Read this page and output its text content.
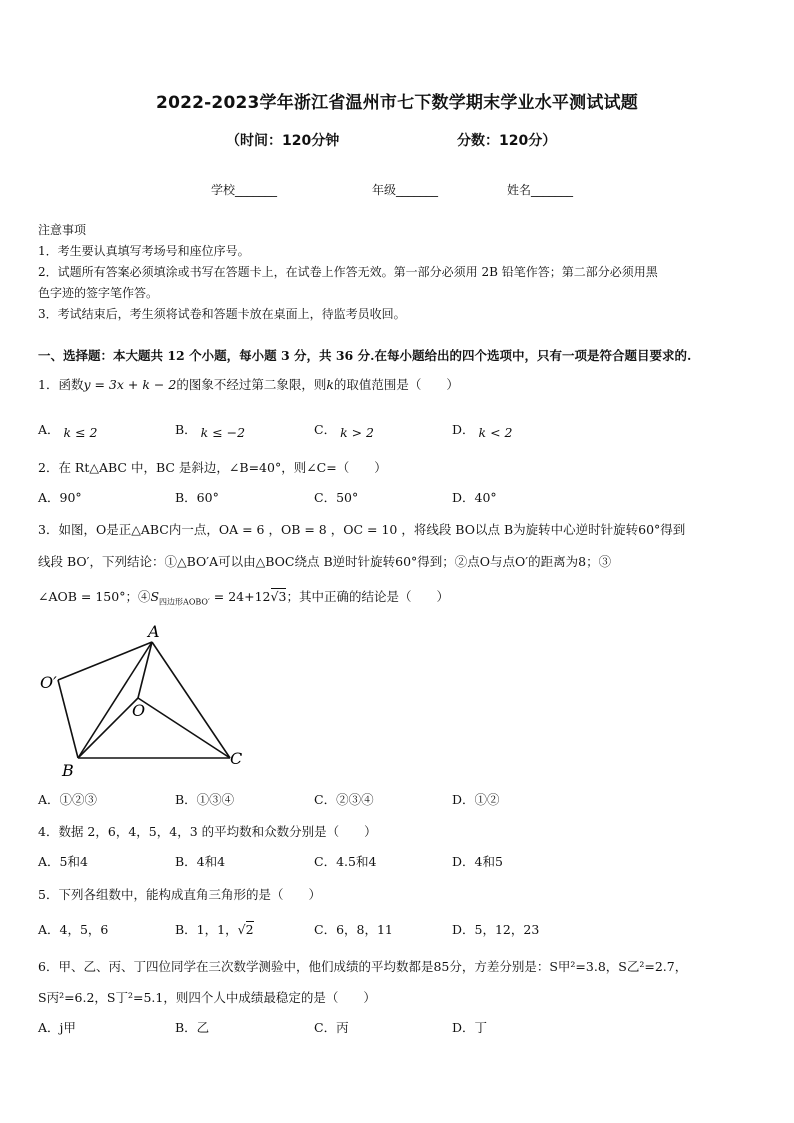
2022-2023学年浙江省温州市七下数学期末学业水平测试试题
（时间：120分钟	分数：120分）
学校_______	年级_______	姓名_______
注意事项
1．考生要认真填写考场号和座位序号。
2．试题所有答案必须填涂或书写在答题卡上，在试卷上作答无效。第一部分必须用 2B 铅笔作答；第二部分必须用黑
色字迹的签字笔作答。
3．考试结束后，考生须将试卷和答题卡放在桌面上，待监考员收回。
一、选择题：本大题共 12 个小题，每小题 3 分，共 36 分.在每小题给出的四个选项中，只有一项是符合题目要求的.
1．函数y = 3x + k − 2的图象不经过第二象限，则k的取值范围是（　　）
A． k ≤ 2	B． k ≤ −2	C． k > 2	D． k < 2
2．在 Rt△ABC 中，BC 是斜边，∠B=40°，则∠C=（　　）
A．90°	B．60°	C．50°	D．40°
3．如图，O是正△ABC内一点，OA = 6 ，OB = 8 ，OC = 10 ，将线段 BO以点 B为旋转中心逆时针旋转60°得到
线段 BO′，下列结论：①△BO′A可以由△BOC绕点 B逆时针旋转60°得到；②点O与点O′的距离为8；③
∠AOB = 150°；$④S_{四边形AOBO'} = 24+12√3$；其中正确的结论是（　　）
A
O′
O
B
C
A．①②③	B．①③④	C．②③④	D．①②
4．数据 2，6，4，5，4，3 的平均数和众数分别是（　　）
A．5和4	B．4和4	C．4.5和4	D．4和5
5．下列各组数中，能构成直角三角形的是（　　）
A．4，5，6	B．1，1，√2	C．6，8，11	D．5，12，23
6．甲、乙、丙、丁四位同学在三次数学测验中，他们成绩的平均数都是85分，方差分别是：S甲²=3.8，S乙²=2.7，
S丙²=6.2，S丁²=5.1，则四个人中成绩最稳定的是（　　）
A．j甲	B．乙	C．丙	D．丁
